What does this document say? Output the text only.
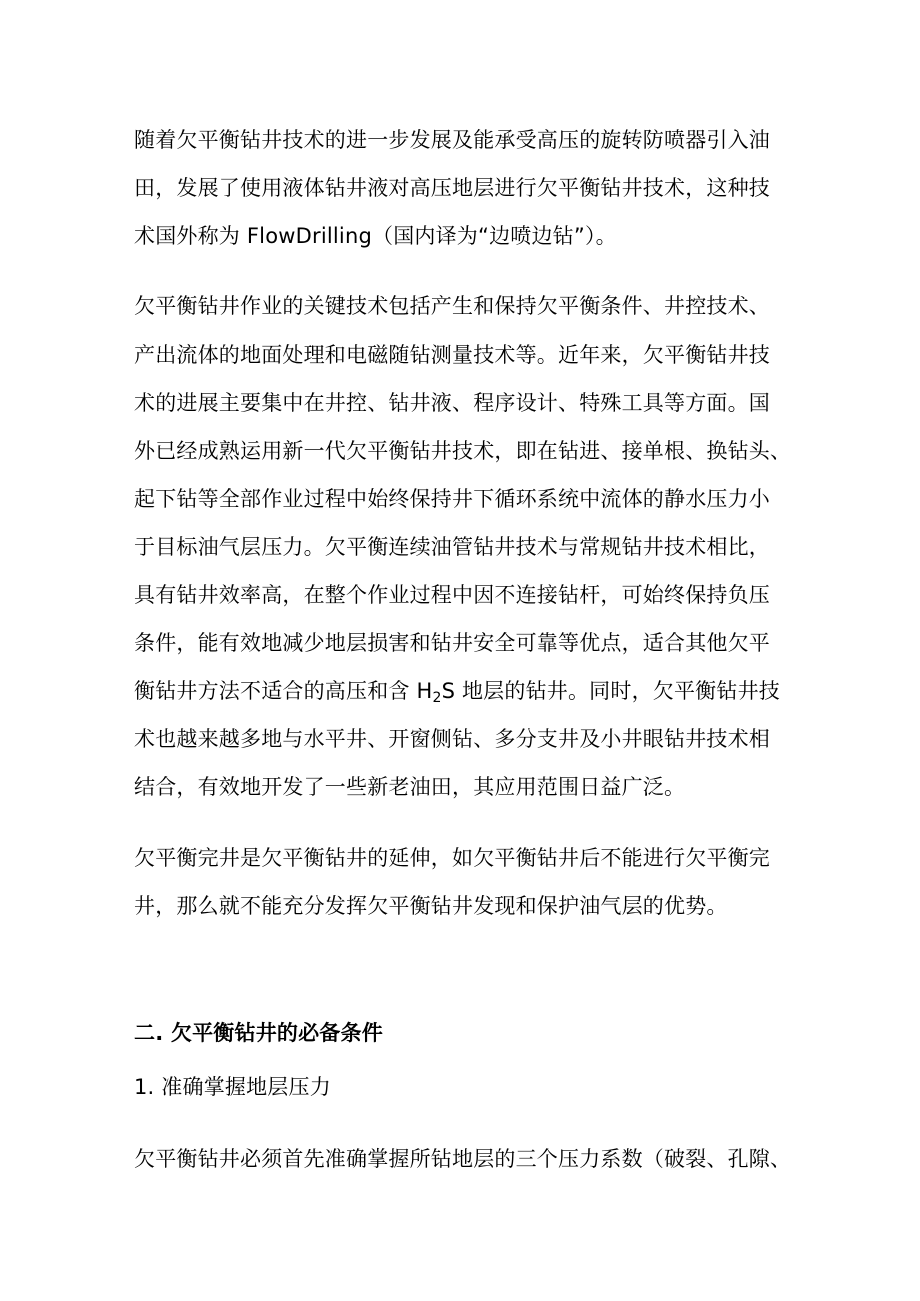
随着欠平衡钻井技术的进一步发展及能承受高压的旋转防喷器引入油
田，发展了使用液体钻井液对高压地层进行欠平衡钻井技术，这种技
术国外称为 FlowDrilling（国内译为“边喷边钻”）。
欠平衡钻井作业的关键技术包括产生和保持欠平衡条件、井控技术、
产出流体的地面处理和电磁随钻测量技术等。近年来，欠平衡钻井技
术的进展主要集中在井控、钻井液、程序设计、特殊工具等方面。国
外已经成熟运用新一代欠平衡钻井技术，即在钻进、接单根、换钻头、
起下钻等全部作业过程中始终保持井下循环系统中流体的静水压力小
于目标油气层压力。欠平衡连续油管钻井技术与常规钻井技术相比，
具有钻井效率高，在整个作业过程中因不连接钻杆，可始终保持负压
条件，能有效地减少地层损害和钻井安全可靠等优点，适合其他欠平
衡钻井方法不适合的高压和含 $H_2S$ 地层的钻井。同时，欠平衡钻井技
术也越来越多地与水平井、开窗侧钻、多分支井及小井眼钻井技术相
结合，有效地开发了一些新老油田，其应用范围日益广泛。
欠平衡完井是欠平衡钻井的延伸，如欠平衡钻井后不能进行欠平衡完
井，那么就不能充分发挥欠平衡钻井发现和保护油气层的优势。
二. 欠平衡钻井的必备条件
1. 准确掌握地层压力
欠平衡钻井必须首先准确掌握所钻地层的三个压力系数（破裂、孔隙、
